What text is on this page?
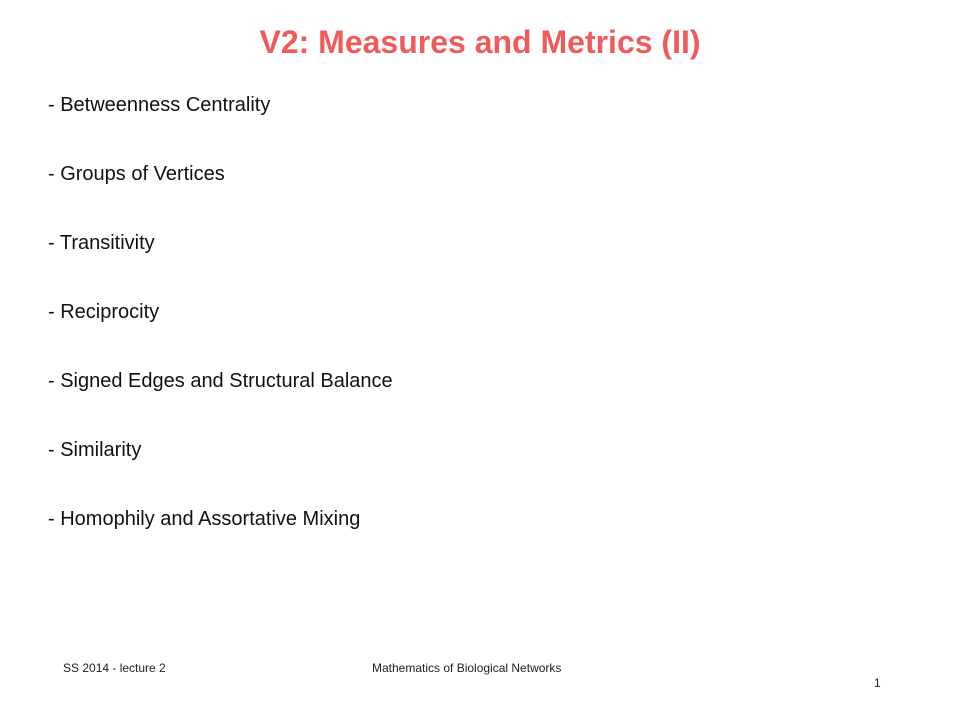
V2: Measures and Metrics (II)
- Betweenness Centrality
- Groups of Vertices
- Transitivity
- Reciprocity
- Signed Edges and Structural Balance
- Similarity
- Homophily and Assortative Mixing
SS 2014 - lecture 2	Mathematics of Biological Networks
1
